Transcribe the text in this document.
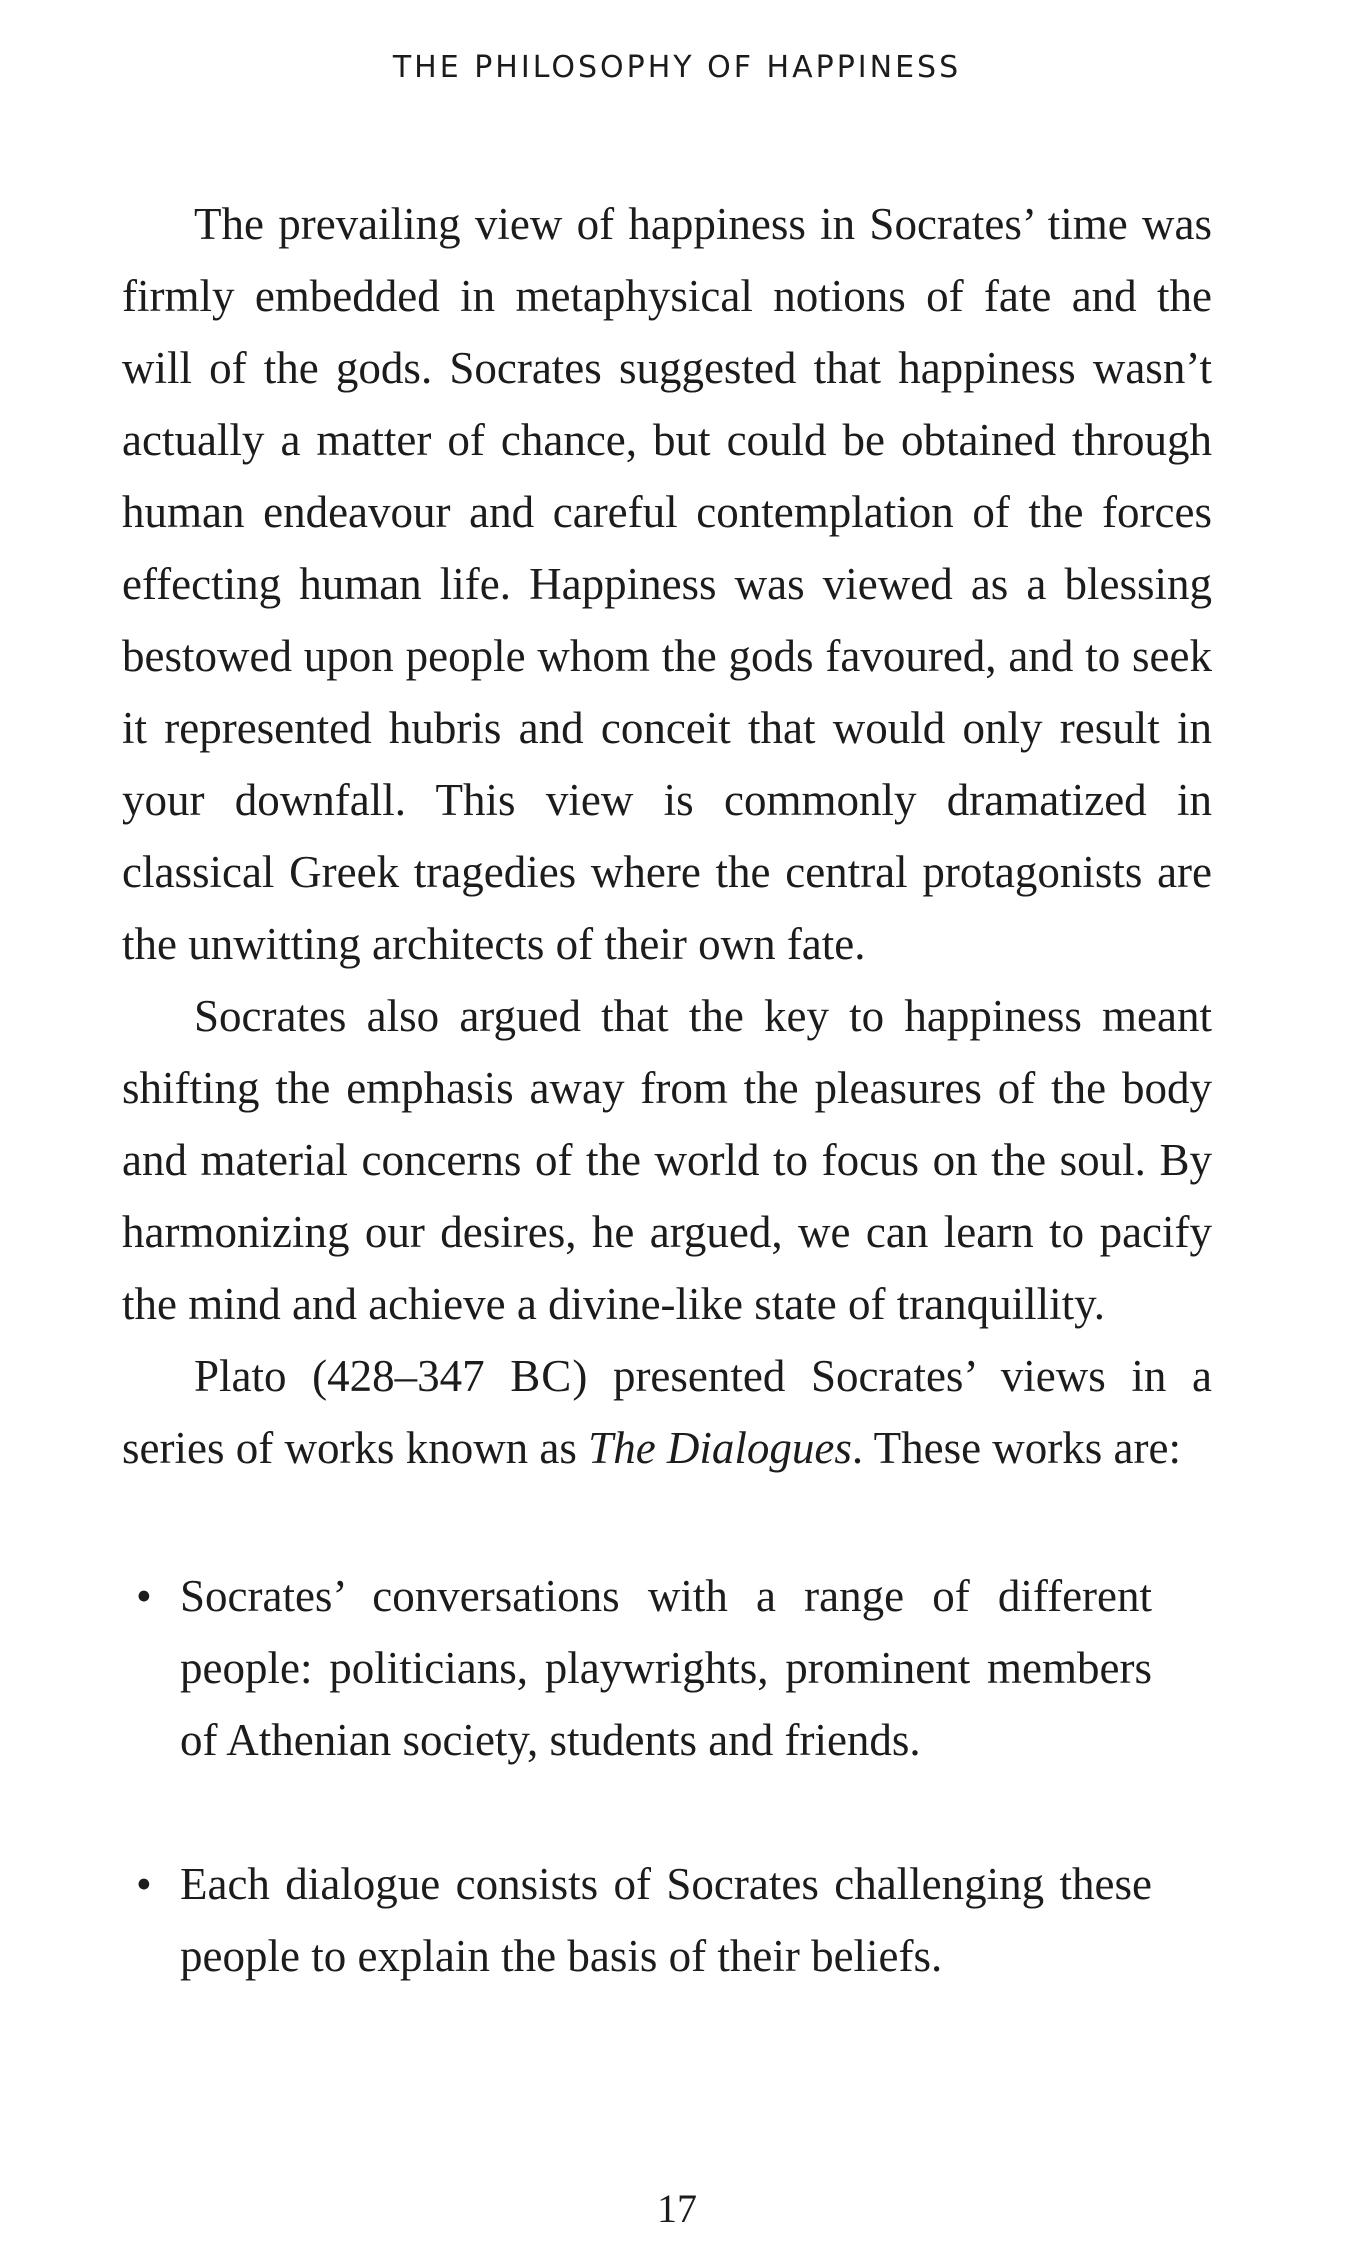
THE PHILOSOPHY OF HAPPINESS

The prevailing view of happiness in Socrates’ time was firmly embedded in metaphysical notions of fate and the will of the gods. Socrates suggested that happiness wasn’t actually a matter of chance, but could be obtained through human endeavour and careful contemplation of the forces effecting human life. Happiness was viewed as a blessing bestowed upon people whom the gods favoured, and to seek it represented hubris and conceit that would only result in your downfall. This view is commonly dramatized in classical Greek tragedies where the central protagonists are the unwitting architects of their own fate.

Socrates also argued that the key to happiness meant shifting the emphasis away from the pleasures of the body and material concerns of the world to focus on the soul. By harmonizing our desires, he argued, we can learn to pacify the mind and achieve a divine-like state of tranquillity.

Plato (428–347 BC) presented Socrates’ views in a series of works known as The Dialogues. These works are:

• Socrates’ conversations with a range of different people: politicians, playwrights, prominent members of Athenian society, students and friends.
• Each dialogue consists of Socrates challenging these people to explain the basis of their beliefs.
17
